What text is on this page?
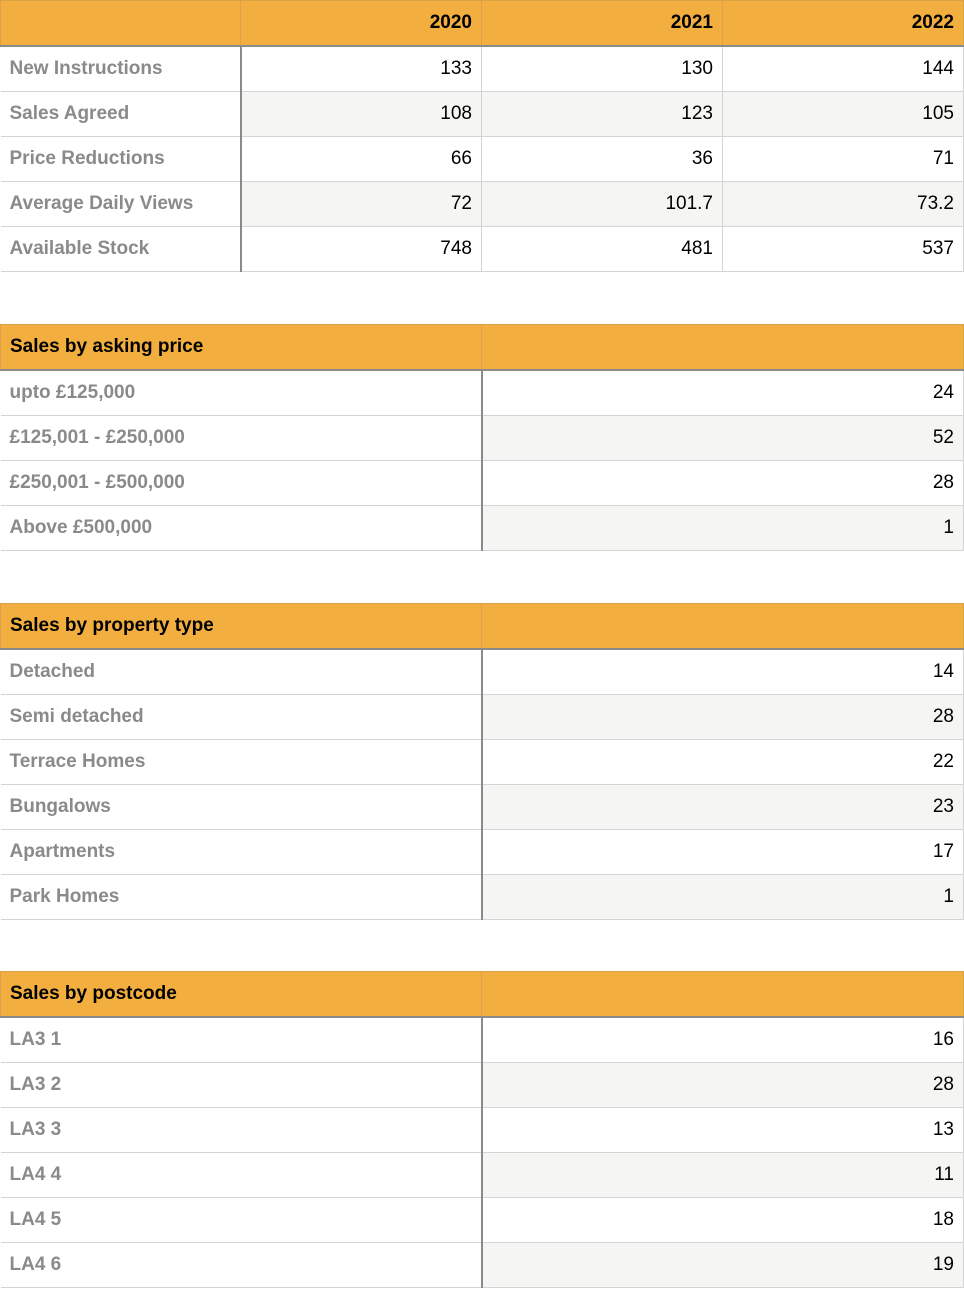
	2020	2021	2022
New Instructions	133	130	144
Sales Agreed	108	123	105
Price Reductions	66	36	71
Average Daily Views	72	101.7	73.2
Available Stock	748	481	537
Sales by asking price	
upto £125,000	24
£125,001 - £250,000	52
£250,001 - £500,000	28
Above £500,000	1
Sales by property type	
Detached	14
Semi detached	28
Terrace Homes	22
Bungalows	23
Apartments	17
Park Homes	1
Sales by postcode	
LA3 1	16
LA3 2	28
LA3 3	13
LA4 4	11
LA4 5	18
LA4 6	19
